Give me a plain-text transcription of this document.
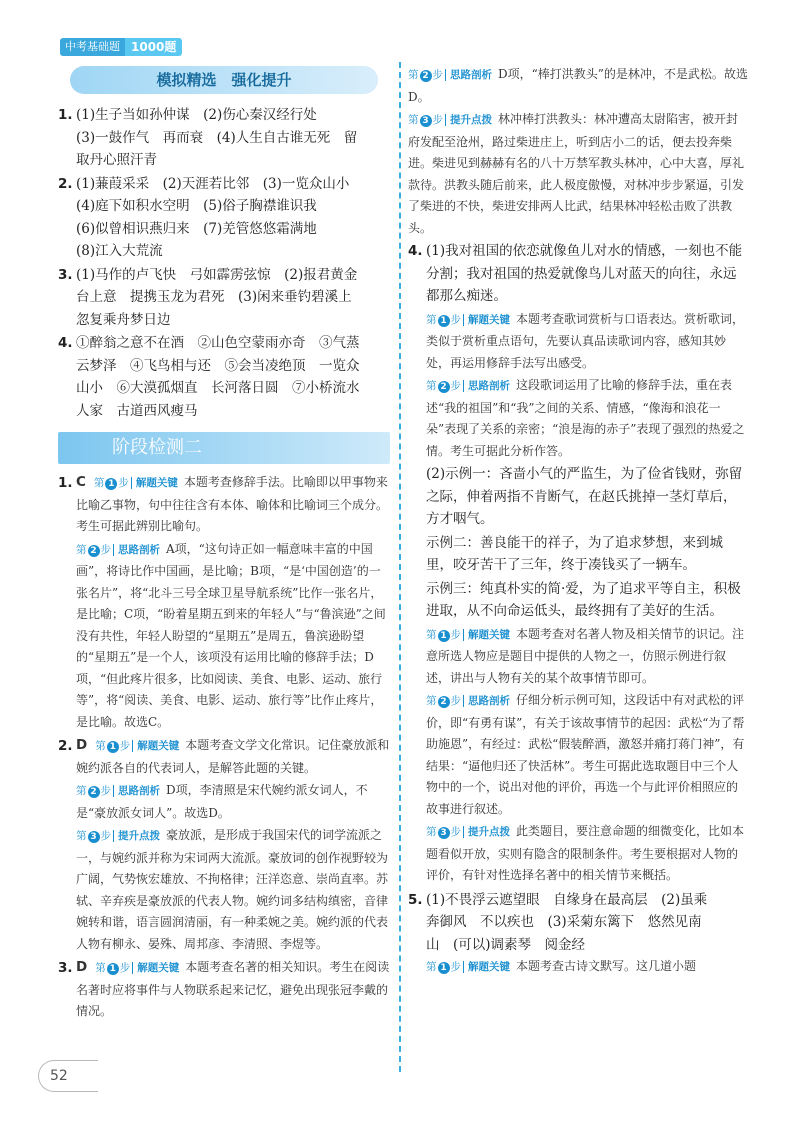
中考基础题 1000题
模拟精选　强化提升
1. (1)生子当如孙仲谋　(2)伤心秦汉经行处

(3)一鼓作气　再而衰　(4)人生自古谁无死　留

取丹心照汗青

2. (1)蒹葭采采　(2)天涯若比邻　(3)一览众山小

(4)庭下如积水空明　(5)俗子胸襟谁识我

(6)似曾相识燕归来　(7)羌管悠悠霜满地

(8)江入大荒流

3. (1)马作的卢飞快　弓如霹雳弦惊　(2)报君黄金

台上意　提携玉龙为君死　(3)闲来垂钓碧溪上

忽复乘舟梦日边

4. ①醉翁之意不在酒　②山色空蒙雨亦奇　③气蒸

云梦泽　④飞鸟相与还　⑤会当凌绝顶　一览众

山小　⑥大漠孤烟直　长河落日圆　⑦小桥流水

人家　古道西风瘦马

阶段检测二
1. C 第 1 步 解题关键 本题考查修辞手法。比喻即以甲事物来比喻乙事物，句中往往含有本体、喻体和比喻词三个成分。考生可据此辨别比喻句。
第 2 步 思路剖析 A项，“这句诗正如一幅意味丰富的中国画”，将诗比作中国画，是比喻；B项，“是‘中国创造’的一张名片”，将“北斗三号全球卫星导航系统”比作一张名片，是比喻；C项，“盼着星期五到来的年轻人”与“鲁滨逊”之间没有共性，年轻人盼望的“星期五”是周五，鲁滨逊盼望的“星期五”是一个人，该项没有运用比喻的修辞手法；D项，“但此疼片很多，比如阅读、美食、电影、运动、旅行等”，将“阅读、美食、电影、运动、旅行等”比作止疼片，是比喻。故选C。
2. D 第 1 步 解题关键 本题考查文学文化常识。记住豪放派和婉约派各自的代表词人，是解答此题的关键。
第 2 步 思路剖析 D项，李清照是宋代婉约派女词人，不是“豪放派女词人”。故选D。
第 3 步 提升点拨 豪放派，是形成于我国宋代的词学流派之一，与婉约派并称为宋词两大流派。豪放词的创作视野较为广阔，气势恢宏雄放、不拘格律；汪洋恣意、崇尚直率。苏轼、辛弃疾是豪放派的代表人物。婉约词多结构缜密，音律婉转和谐，语言圆润清丽，有一种柔婉之美。婉约派的代表人物有柳永、晏殊、周邦彦、李清照、李煜等。
3. D 第 1 步 解题关键 本题考查名著的相关知识。考生在阅读名著时应将事件与人物联系起来记忆，避免出现张冠李戴的情况。
第 2 步 思路剖析 D项，“棒打洪教头”的是林冲，不是武松。故选D。
第 3 步 提升点拨 林冲棒打洪教头：林冲遭高太尉陷害，被开封府发配至沧州，路过柴进庄上，听到店小二的话，便去投奔柴进。柴进见到赫赫有名的八十万禁军教头林冲，心中大喜，厚礼款待。洪教头随后前来，此人极度傲慢，对林冲步步紧逼，引发了柴进的不快，柴进安排两人比武，结果林冲轻松击败了洪教头。
4. (1)我对祖国的依恋就像鱼儿对水的情感，一刻也不能分割；我对祖国的热爱就像鸟儿对蓝天的向往，永远都那么痴迷。
第 1 步 解题关键 本题考查歌词赏析与口语表达。赏析歌词，类似于赏析重点语句，先要认真品读歌词内容，感知其妙处，再运用修辞手法写出感受。
第 2 步 思路剖析 这段歌词运用了比喻的修辞手法，重在表述“我的祖国”和“我”之间的关系、情感，“像海和浪花一朵”表现了关系的亲密；“浪是海的赤子”表现了强烈的热爱之情。考生可据此分析作答。
(2)示例一：吝啬小气的严监生，为了俭省钱财，弥留之际，伸着两指不肯断气，在赵氏挑掉一茎灯草后，方才咽气。
示例二：善良能干的祥子，为了追求梦想，来到城里，咬牙苦干了三年，终于凑钱买了一辆车。
示例三：纯真朴实的简·爱，为了追求平等自主，积极进取，从不向命运低头，最终拥有了美好的生活。
第 1 步 解题关键 本题考查对名著人物及相关情节的识记。注意所选人物应是题目中提供的人物之一，仿照示例进行叙述，讲出与人物有关的某个故事情节即可。
第 2 步 思路剖析 仔细分析示例可知，这段话中有对武松的评价，即“有勇有谋”，有关于该故事情节的起因：武松“为了帮助施恩”，有经过：武松“假装醉酒，激怒并痛打蒋门神”，有结果：“逼他归还了快活林”。考生可据此选取题目中三个人物中的一个，说出对他的评价，再选一个与此评价相照应的故事进行叙述。
第 3 步 提升点拨 此类题目，要注意命题的细微变化，比如本题看似开放，实则有隐含的限制条件。考生要根据对人物的评价，有针对性选择名著中的相关情节来概括。
5. (1)不畏浮云遮望眼　自缘身在最高层　(2)虽乘

奔御风　不以疾也　(3)采菊东篱下　悠然见南

山　(可以)调素琴　阅金经

第 1 步 解题关键 本题考查古诗文默写。这几道小题
52
